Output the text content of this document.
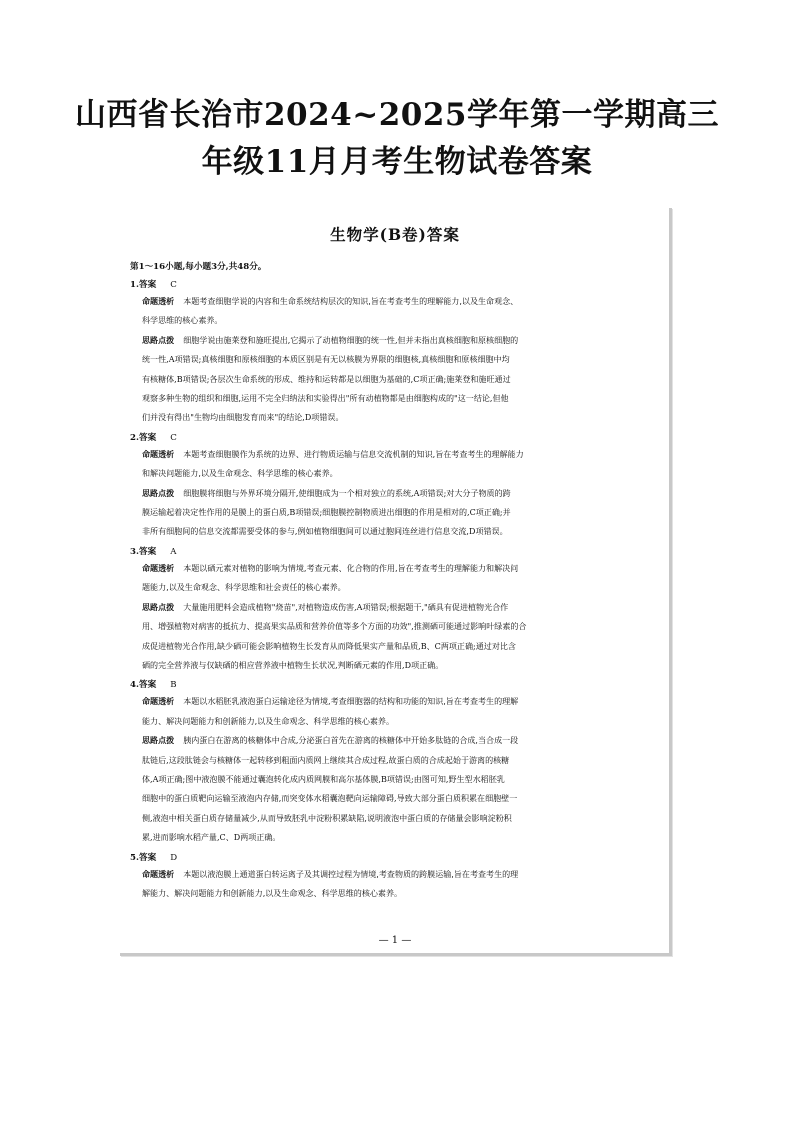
山西省长治市2024~2025学年第一学期高三
年级11月月考生物试卷答案
生物学(B卷)答案
第1～16小题,每小题3分,共48分。
1.答案 C
命题透析 本题考查细胞学说的内容和生命系统结构层次的知识,旨在考查考生的理解能力,以及生命观念、
科学思维的核心素养。
思路点拨 细胞学说由施莱登和施旺提出,它揭示了动植物细胞的统一性,但并未指出真核细胞和原核细胞的
统一性,A项错误;真核细胞和原核细胞的本质区别是有无以核膜为界限的细胞核,真核细胞和原核细胞中均
有核糖体,B项错误;各层次生命系统的形成、维持和运转都是以细胞为基础的,C项正确;施莱登和施旺通过
观察多种生物的组织和细胞,运用不完全归纳法和实验得出"所有动植物都是由细胞构成的"这一结论,但他
们并没有得出"生物均由细胞发育而来"的结论,D项错误。
2.答案 C
命题透析 本题考查细胞膜作为系统的边界、进行物质运输与信息交流机制的知识,旨在考查考生的理解能力
和解决问题能力,以及生命观念、科学思维的核心素养。
思路点拨 细胞膜将细胞与外界环境分隔开,使细胞成为一个相对独立的系统,A项错误;对大分子物质的跨
膜运输起着决定性作用的是膜上的蛋白质,B项错误;细胞膜控制物质进出细胞的作用是相对的,C项正确;并
非所有细胞间的信息交流都需要受体的参与,例如植物细胞间可以通过胞间连丝进行信息交流,D项错误。
3.答案 A
命题透析 本题以硒元素对植物的影响为情境,考查元素、化合物的作用,旨在考查考生的理解能力和解决问
题能力,以及生命观念、科学思维和社会责任的核心素养。
思路点拨 大量施用肥料会造成植物"烧苗",对植物造成伤害,A项错误;根据题干,"硒具有促进植物光合作
用、增强植物对病害的抵抗力、提高果实品质和营养价值等多个方面的功效",推测硒可能通过影响叶绿素的合
成促进植物光合作用,缺少硒可能会影响植物生长发育从而降低果实产量和品质,B、C两项正确;通过对比含
硒的完全营养液与仅缺硒的相应营养液中植物生长状况,判断硒元素的作用,D项正确。
4.答案 B
命题透析 本题以水稻胚乳液泡蛋白运输途径为情境,考查细胞器的结构和功能的知识,旨在考查考生的理解
能力、解决问题能力和创新能力,以及生命观念、科学思维的核心素养。
思路点拨 胰内蛋白在游离的核糖体中合成,分泌蛋白首先在游离的核糖体中开始多肽链的合成,当合成一段
肽链后,这段肽链会与核糖体一起转移到粗面内质网上继续其合成过程,故蛋白质的合成起始于游离的核糖
体,A项正确;图中液泡膜不能通过囊泡转化成内质网膜和高尔基体膜,B项错误;由图可知,野生型水稻胚乳
细胞中的蛋白质靶向运输至液泡内存储,而突变体水稻囊泡靶向运输障碍,导致大部分蛋白质积累在细胞壁一
侧,液泡中相关蛋白质存储量减少,从而导致胚乳中淀粉积累缺陷,说明液泡中蛋白质的存储量会影响淀粉积
累,进而影响水稻产量,C、D两项正确。
5.答案 D
命题透析 本题以液泡膜上通道蛋白转运离子及其调控过程为情境,考查物质的跨膜运输,旨在考查考生的理
解能力、解决问题能力和创新能力,以及生命观念、科学思维的核心素养。
— 1 —
